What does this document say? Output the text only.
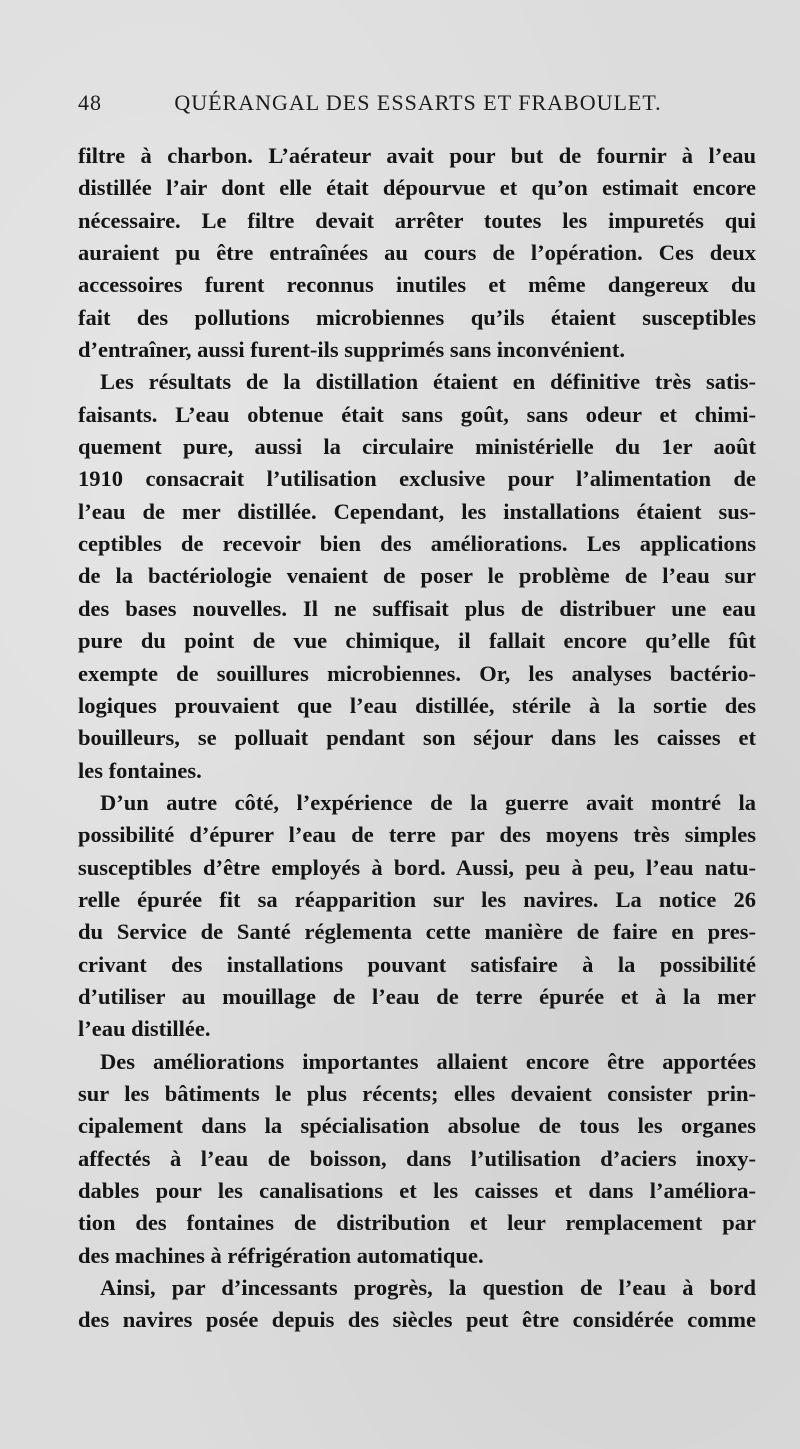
48	QUÉRANGAL DES ESSARTS ET FRABOULET.
filtre à charbon. L’aérateur avait pour but de fournir à l’eau
distillée l’air dont elle était dépourvue et qu’on estimait encore
nécessaire. Le filtre devait arrêter toutes les impuretés qui
auraient pu être entraînées au cours de l’opération. Ces deux
accessoires furent reconnus inutiles et même dangereux du
fait des pollutions microbiennes qu’ils étaient susceptibles
d’entraîner, aussi furent-ils supprimés sans inconvénient.
Les résultats de la distillation étaient en définitive très satis-
faisants. L’eau obtenue était sans goût, sans odeur et chimi-
quement pure, aussi la circulaire ministérielle du 1er août
1910 consacrait l’utilisation exclusive pour l’alimentation de
l’eau de mer distillée. Cependant, les installations étaient sus-
ceptibles de recevoir bien des améliorations. Les applications
de la bactériologie venaient de poser le problème de l’eau sur
des bases nouvelles. Il ne suffisait plus de distribuer une eau
pure du point de vue chimique, il fallait encore qu’elle fût
exempte de souillures microbiennes. Or, les analyses bactério-
logiques prouvaient que l’eau distillée, stérile à la sortie des
bouilleurs, se polluait pendant son séjour dans les caisses et
les fontaines.
D’un autre côté, l’expérience de la guerre avait montré la
possibilité d’épurer l’eau de terre par des moyens très simples
susceptibles d’être employés à bord. Aussi, peu à peu, l’eau natu-
relle épurée fit sa réapparition sur les navires. La notice 26
du Service de Santé réglementa cette manière de faire en pres-
crivant des installations pouvant satisfaire à la possibilité
d’utiliser au mouillage de l’eau de terre épurée et à la mer
l’eau distillée.
Des améliorations importantes allaient encore être apportées
sur les bâtiments le plus récents; elles devaient consister prin-
cipalement dans la spécialisation absolue de tous les organes
affectés à l’eau de boisson, dans l’utilisation d’aciers inoxy-
dables pour les canalisations et les caisses et dans l’améliora-
tion des fontaines de distribution et leur remplacement par
des machines à réfrigération automatique.
Ainsi, par d’incessants progrès, la question de l’eau à bord
des navires posée depuis des siècles peut être considérée comme
